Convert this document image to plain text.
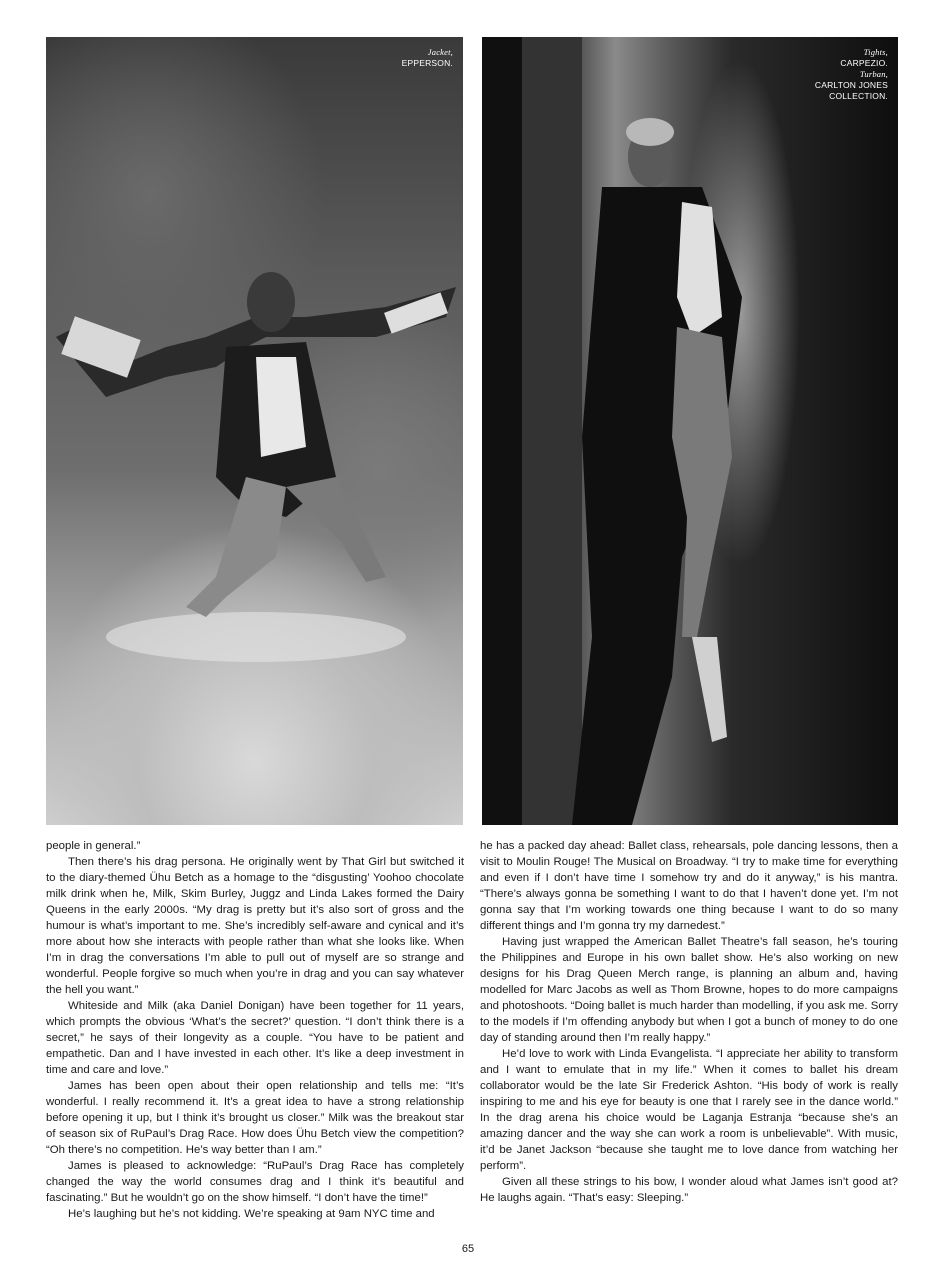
Jacket,
EPPERSON.
Tights,
CARPEZIO.
Turban,
CARLTON JONES
COLLECTION.

people in general.”

Then there’s his drag persona. He originally went by That Girl but switched it to the diary-themed Ühu Betch as a homage to the “disgusting’ Yoohoo chocolate milk drink when he, Milk, Skim Burley, Juggz and Linda Lakes formed the Dairy Queens in the early 2000s. “My drag is pretty but it’s also sort of gross and the humour is what’s important to me. She’s incredibly self-aware and cynical and it’s more about how she interacts with people rather than what she looks like. When I’m in drag the conversations I’m able to pull out of myself are so strange and wonderful. People forgive so much when you’re in drag and you can say whatever the hell you want.”

Whiteside and Milk (aka Daniel Donigan) have been together for 11 years, which prompts the obvious ‘What’s the secret?’ question. “I don’t think there is a secret,” he says of their longevity as a couple. “You have to be patient and empathetic. Dan and I have invested in each other. It’s like a deep investment in time and care and love.”

James has been open about their open relationship and tells me: “It’s wonderful. I really recommend it. It’s a great idea to have a strong relationship before opening it up, but I think it’s brought us closer.” Milk was the breakout star of season six of RuPaul’s Drag Race. How does Ühu Betch view the competition? “Oh there’s no competition. He’s way better than I am.”

James is pleased to acknowledge: “RuPaul’s Drag Race has completely changed the way the world consumes drag and I think it’s beautiful and fascinating.” But he wouldn’t go on the show himself. “I don’t have the time!”

He’s laughing but he’s not kidding. We’re speaking at 9am NYC time and

he has a packed day ahead: Ballet class, rehearsals, pole dancing lessons, then a visit to Moulin Rouge! The Musical on Broadway. “I try to make time for everything and even if I don’t have time I somehow try and do it anyway,” is his mantra. “There’s always gonna be something I want to do that I haven’t done yet. I’m not gonna say that I’m working towards one thing because I want to do so many different things and I’m gonna try my darnedest.”

Having just wrapped the American Ballet Theatre’s fall season, he’s touring the Philippines and Europe in his own ballet show. He’s also working on new designs for his Drag Queen Merch range, is planning an album and, having modelled for Marc Jacobs as well as Thom Browne, hopes to do more campaigns and photoshoots. “Doing ballet is much harder than modelling, if you ask me. Sorry to the models if I’m offending anybody but when I got a bunch of money to do one day of standing around then I’m really happy.”

He’d love to work with Linda Evangelista. “I appreciate her ability to transform and I want to emulate that in my life.” When it comes to ballet his dream collaborator would be the late Sir Frederick Ashton. “His body of work is really inspiring to me and his eye for beauty is one that I rarely see in the dance world.” In the drag arena his choice would be Laganja Estranja “because she’s an amazing dancer and the way she can work a room is unbelievable”. With music, it’d be Janet Jackson “because she taught me to love dance from watching her perform”.

Given all these strings to his bow, I wonder aloud what James isn’t good at? He laughs again. “That’s easy: Sleeping.”

65
